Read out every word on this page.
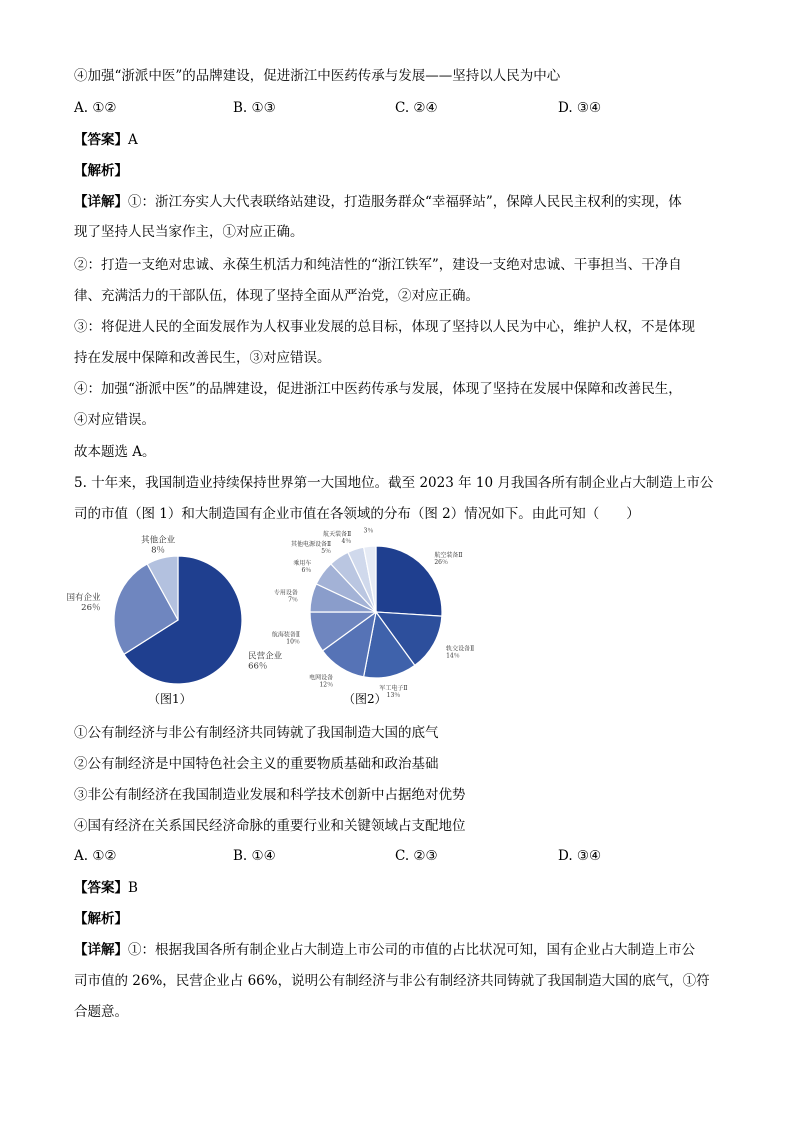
④加强“浙派中医”的品牌建设，促进浙江中医药传承与发展——坚持以人民为中心
A. ①②	B. ①③	C. ②④	D. ③④
【答案】A
【解析】
【详解】①：浙江夯实人大代表联络站建设，打造服务群众“幸福驿站”，保障人民民主权利的实现，体
现了坚持人民当家作主，①对应正确。
②：打造一支绝对忠诚、永葆生机活力和纯洁性的“浙江铁军”，建设一支绝对忠诚、干事担当、干净自
律、充满活力的干部队伍，体现了坚持全面从严治党，②对应正确。
③：将促进人民的全面发展作为人权事业发展的总目标，体现了坚持以人民为中心，维护人权，不是体现
持在发展中保障和改善民生，③对应错误。
④：加强“浙派中医”的品牌建设，促进浙江中医药传承与发展，体现了坚持在发展中保障和改善民生，
④对应错误。
故本题选 A。
5. 十年来，我国制造业持续保持世界第一大国地位。截至 2023 年 10 月我国各所有制企业占大制造上市公
司的市值（图 1）和大制造国有企业市值在各领域的分布（图 2）情况如下。由此可知（　　）
民营企业
66％
国有企业
26％
其他企业
8％
（图1）
航空装备Ⅱ
26％
轨交设备Ⅱ
14％
军工电子Ⅱ
13％
电网设备
12％
航海装备Ⅱ
10％
专用设备
7％
乘用车
6％
其他电源设备Ⅱ
5％
航天装备Ⅱ
4％
3％
（图2）
①公有制经济与非公有制经济共同铸就了我国制造大国的底气
②公有制经济是中国特色社会主义的重要物质基础和政治基础
③非公有制经济在我国制造业发展和科学技术创新中占据绝对优势
④国有经济在关系国民经济命脉的重要行业和关键领域占支配地位
A. ①②	B. ①④	C. ②③	D. ③④
【答案】B
【解析】
【详解】①：根据我国各所有制企业占大制造上市公司的市值的占比状况可知，国有企业占大制造上市公
司市值的 26%，民营企业占 66%，说明公有制经济与非公有制经济共同铸就了我国制造大国的底气，①符
合题意。
